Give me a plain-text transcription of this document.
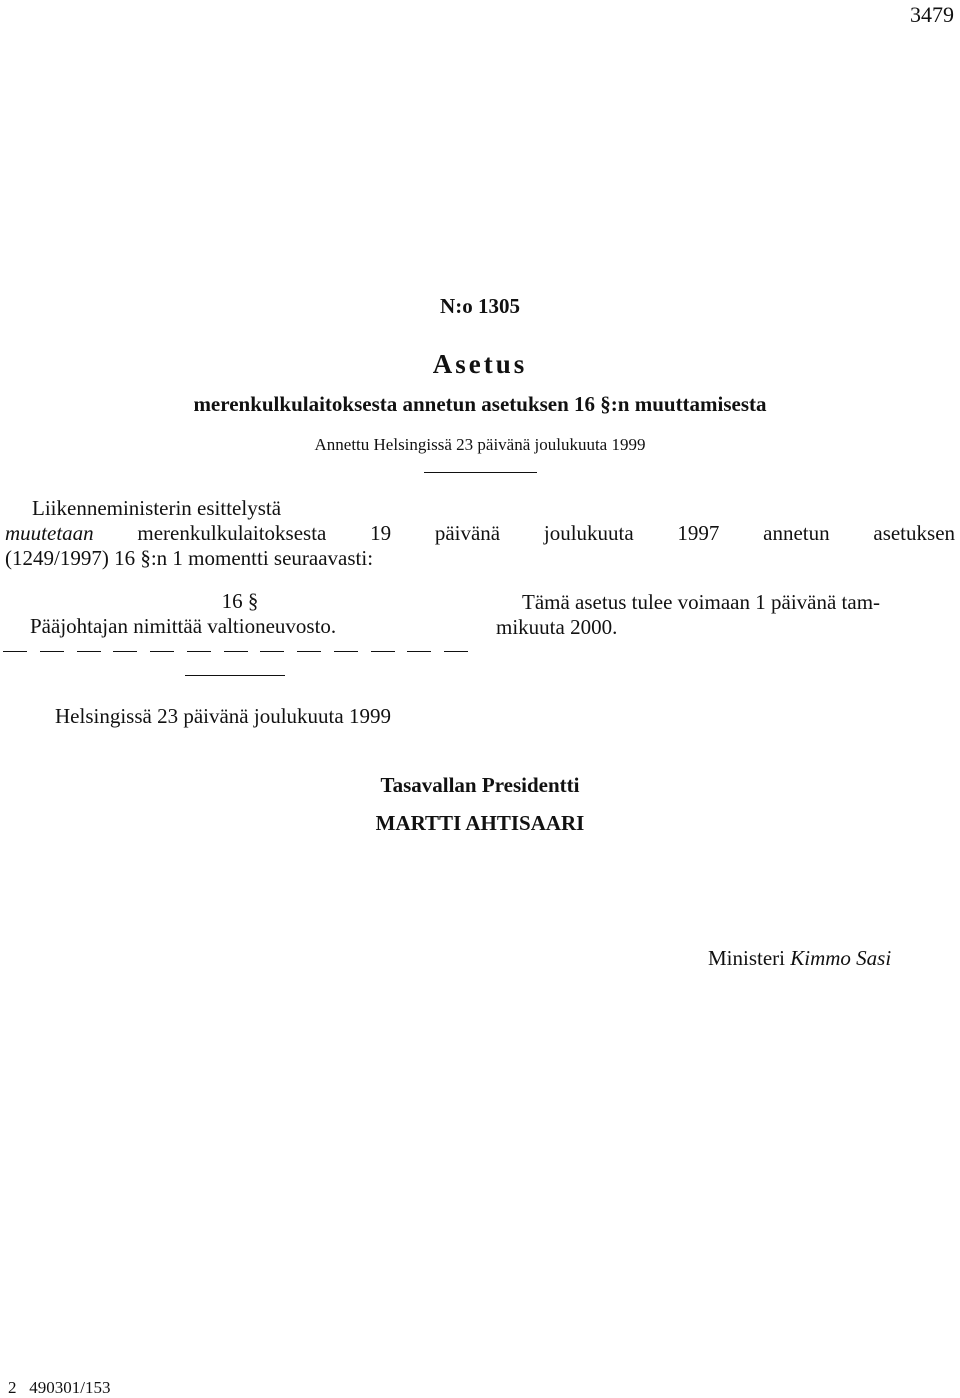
3479
N:o 1305
Asetus
merenkulkulaitoksesta annetun asetuksen 16 §:n muuttamisesta
Annettu Helsingissä 23 päivänä joulukuuta 1999
Liikenneministerin esittelystä
muutetaan merenkulkulaitoksesta 19 päivänä joulukuuta 1997 annetun asetuksen
(1249/1997) 16 §:n 1 momentti seuraavasti:
16 §
Pääjohtajan nimittää valtioneuvosto.
Tämä asetus tulee voimaan 1 päivänä tam-
mikuuta 2000.
Helsingissä 23 päivänä joulukuuta 1999
Tasavallan Presidentti
MARTTI AHTISAARI
Ministeri Kimmo Sasi
2 490301/153
